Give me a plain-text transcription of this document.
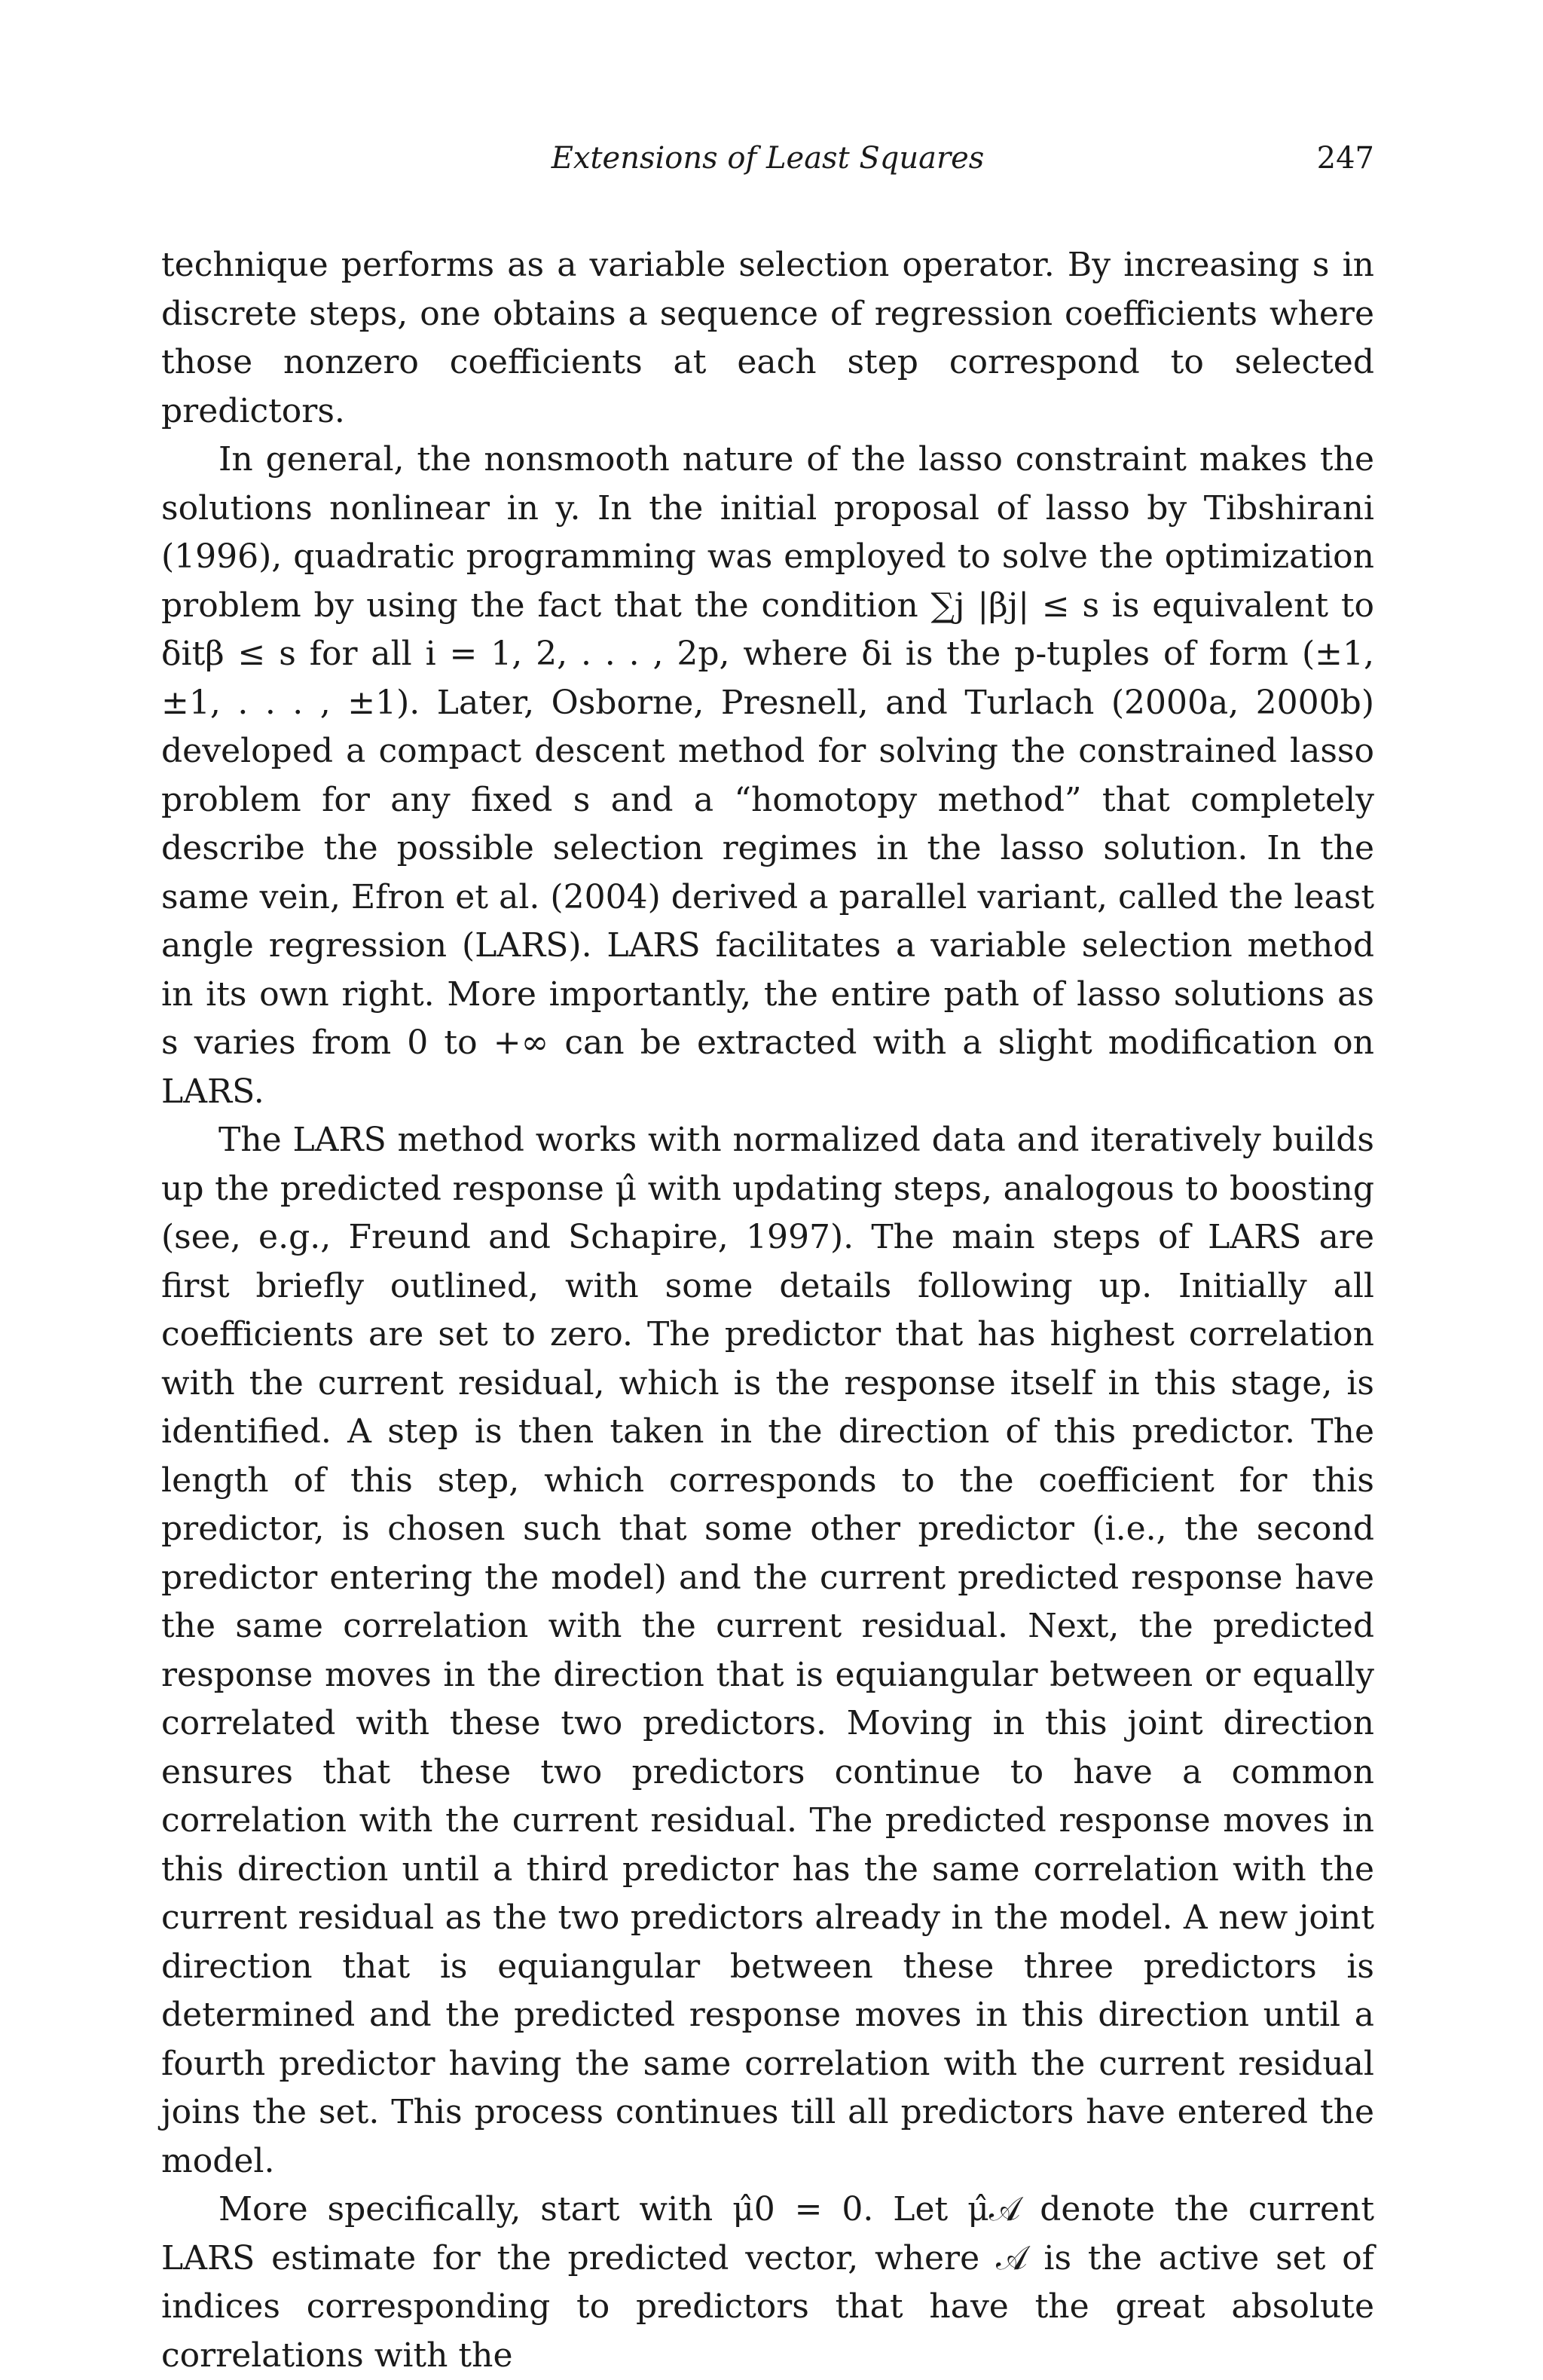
Extensions of Least Squares	247

technique performs as a variable selection operator. By increasing s in discrete steps, one obtains a sequence of regression coefficients where those nonzero coefficients at each step correspond to selected predictors.

In general, the nonsmooth nature of the lasso constraint makes the solutions nonlinear in y. In the initial proposal of lasso by Tibshirani (1996), quadratic programming was employed to solve the optimization problem by using the fact that the condition ∑j |βj| ≤ s is equivalent to δitβ ≤ s for all i = 1, 2, . . . , 2p, where δi is the p-tuples of form (±1, ±1, . . . , ±1). Later, Osborne, Presnell, and Turlach (2000a, 2000b) developed a compact descent method for solving the constrained lasso problem for any fixed s and a “homotopy method” that completely describe the possible selection regimes in the lasso solution. In the same vein, Efron et al. (2004) derived a parallel variant, called the least angle regression (LARS). LARS facilitates a variable selection method in its own right. More importantly, the entire path of lasso solutions as s varies from 0 to +∞ can be extracted with a slight modification on LARS.

The LARS method works with normalized data and iteratively builds up the predicted response μ̂ with updating steps, analogous to boosting (see, e.g., Freund and Schapire, 1997). The main steps of LARS are first briefly outlined, with some details following up. Initially all coefficients are set to zero. The predictor that has highest correlation with the current residual, which is the response itself in this stage, is identified. A step is then taken in the direction of this predictor. The length of this step, which corresponds to the coefficient for this predictor, is chosen such that some other predictor (i.e., the second predictor entering the model) and the current predicted response have the same correlation with the current residual. Next, the predicted response moves in the direction that is equiangular between or equally correlated with these two predictors. Moving in this joint direction ensures that these two predictors continue to have a common correlation with the current residual. The predicted response moves in this direction until a third predictor has the same correlation with the current residual as the two predictors already in the model. A new joint direction that is equiangular between these three predictors is determined and the predicted response moves in this direction until a fourth predictor having the same correlation with the current residual joins the set. This process continues till all predictors have entered the model.

More specifically, start with μ̂0 = 0. Let μ̂𝒜 denote the current LARS estimate for the predicted vector, where 𝒜 is the active set of indices corresponding to predictors that have the great absolute correlations with the
